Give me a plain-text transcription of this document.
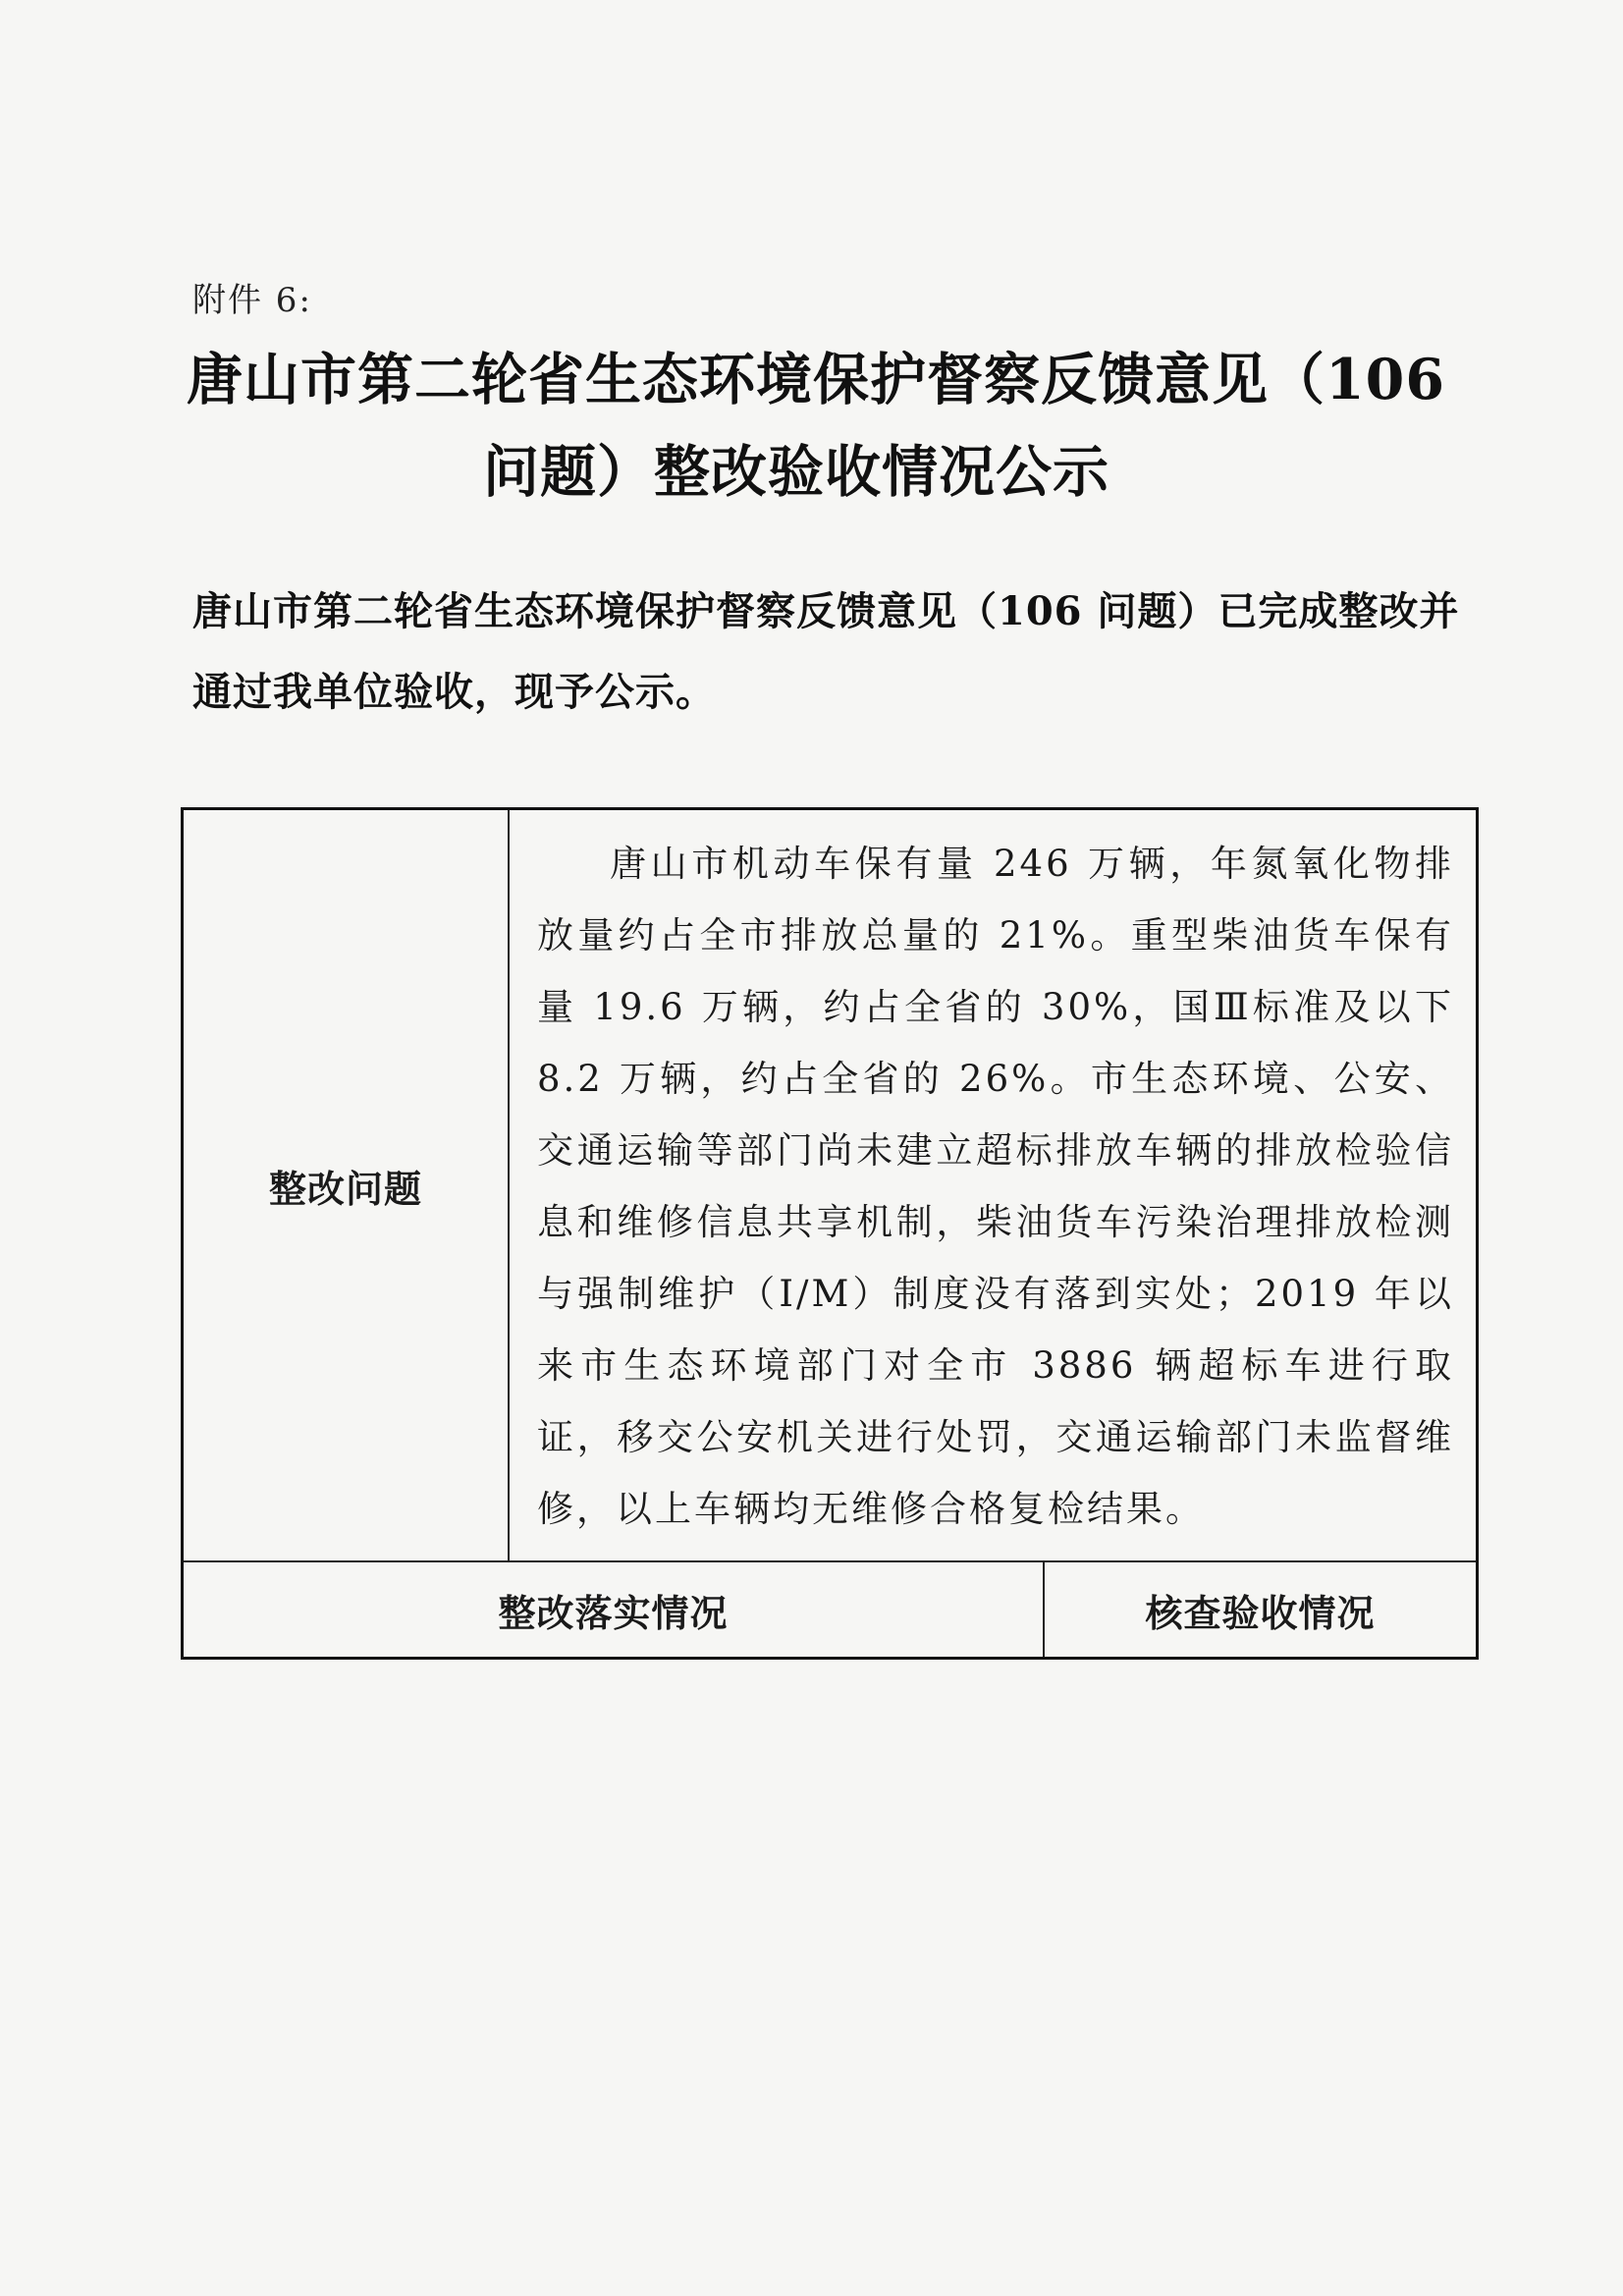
附件 6:
唐山市第二轮省生态环境保护督察反馈意见（106
问题）整改验收情况公示
唐山市第二轮省生态环境保护督察反馈意见（106 问题）已完成整改并通过我单位验收，现予公示。
整改问题	唐山市机动车保有量 246 万辆，年氮氧化物排放量约占全市排放总量的 21%。重型柴油货车保有量 19.6 万辆，约占全省的 30%，国Ⅲ标准及以下 8.2 万辆，约占全省的 26%。市生态环境、公安、交通运输等部门尚未建立超标排放车辆的排放检验信息和维修信息共享机制，柴油货车污染治理排放检测与强制维护（I/M）制度没有落到实处；2019 年以来市生态环境部门对全市 3886 辆超标车进行取证，移交公安机关进行处罚，交通运输部门未监督维修，以上车辆均无维修合格复检结果。	
整改落实情况		核查验收情况
